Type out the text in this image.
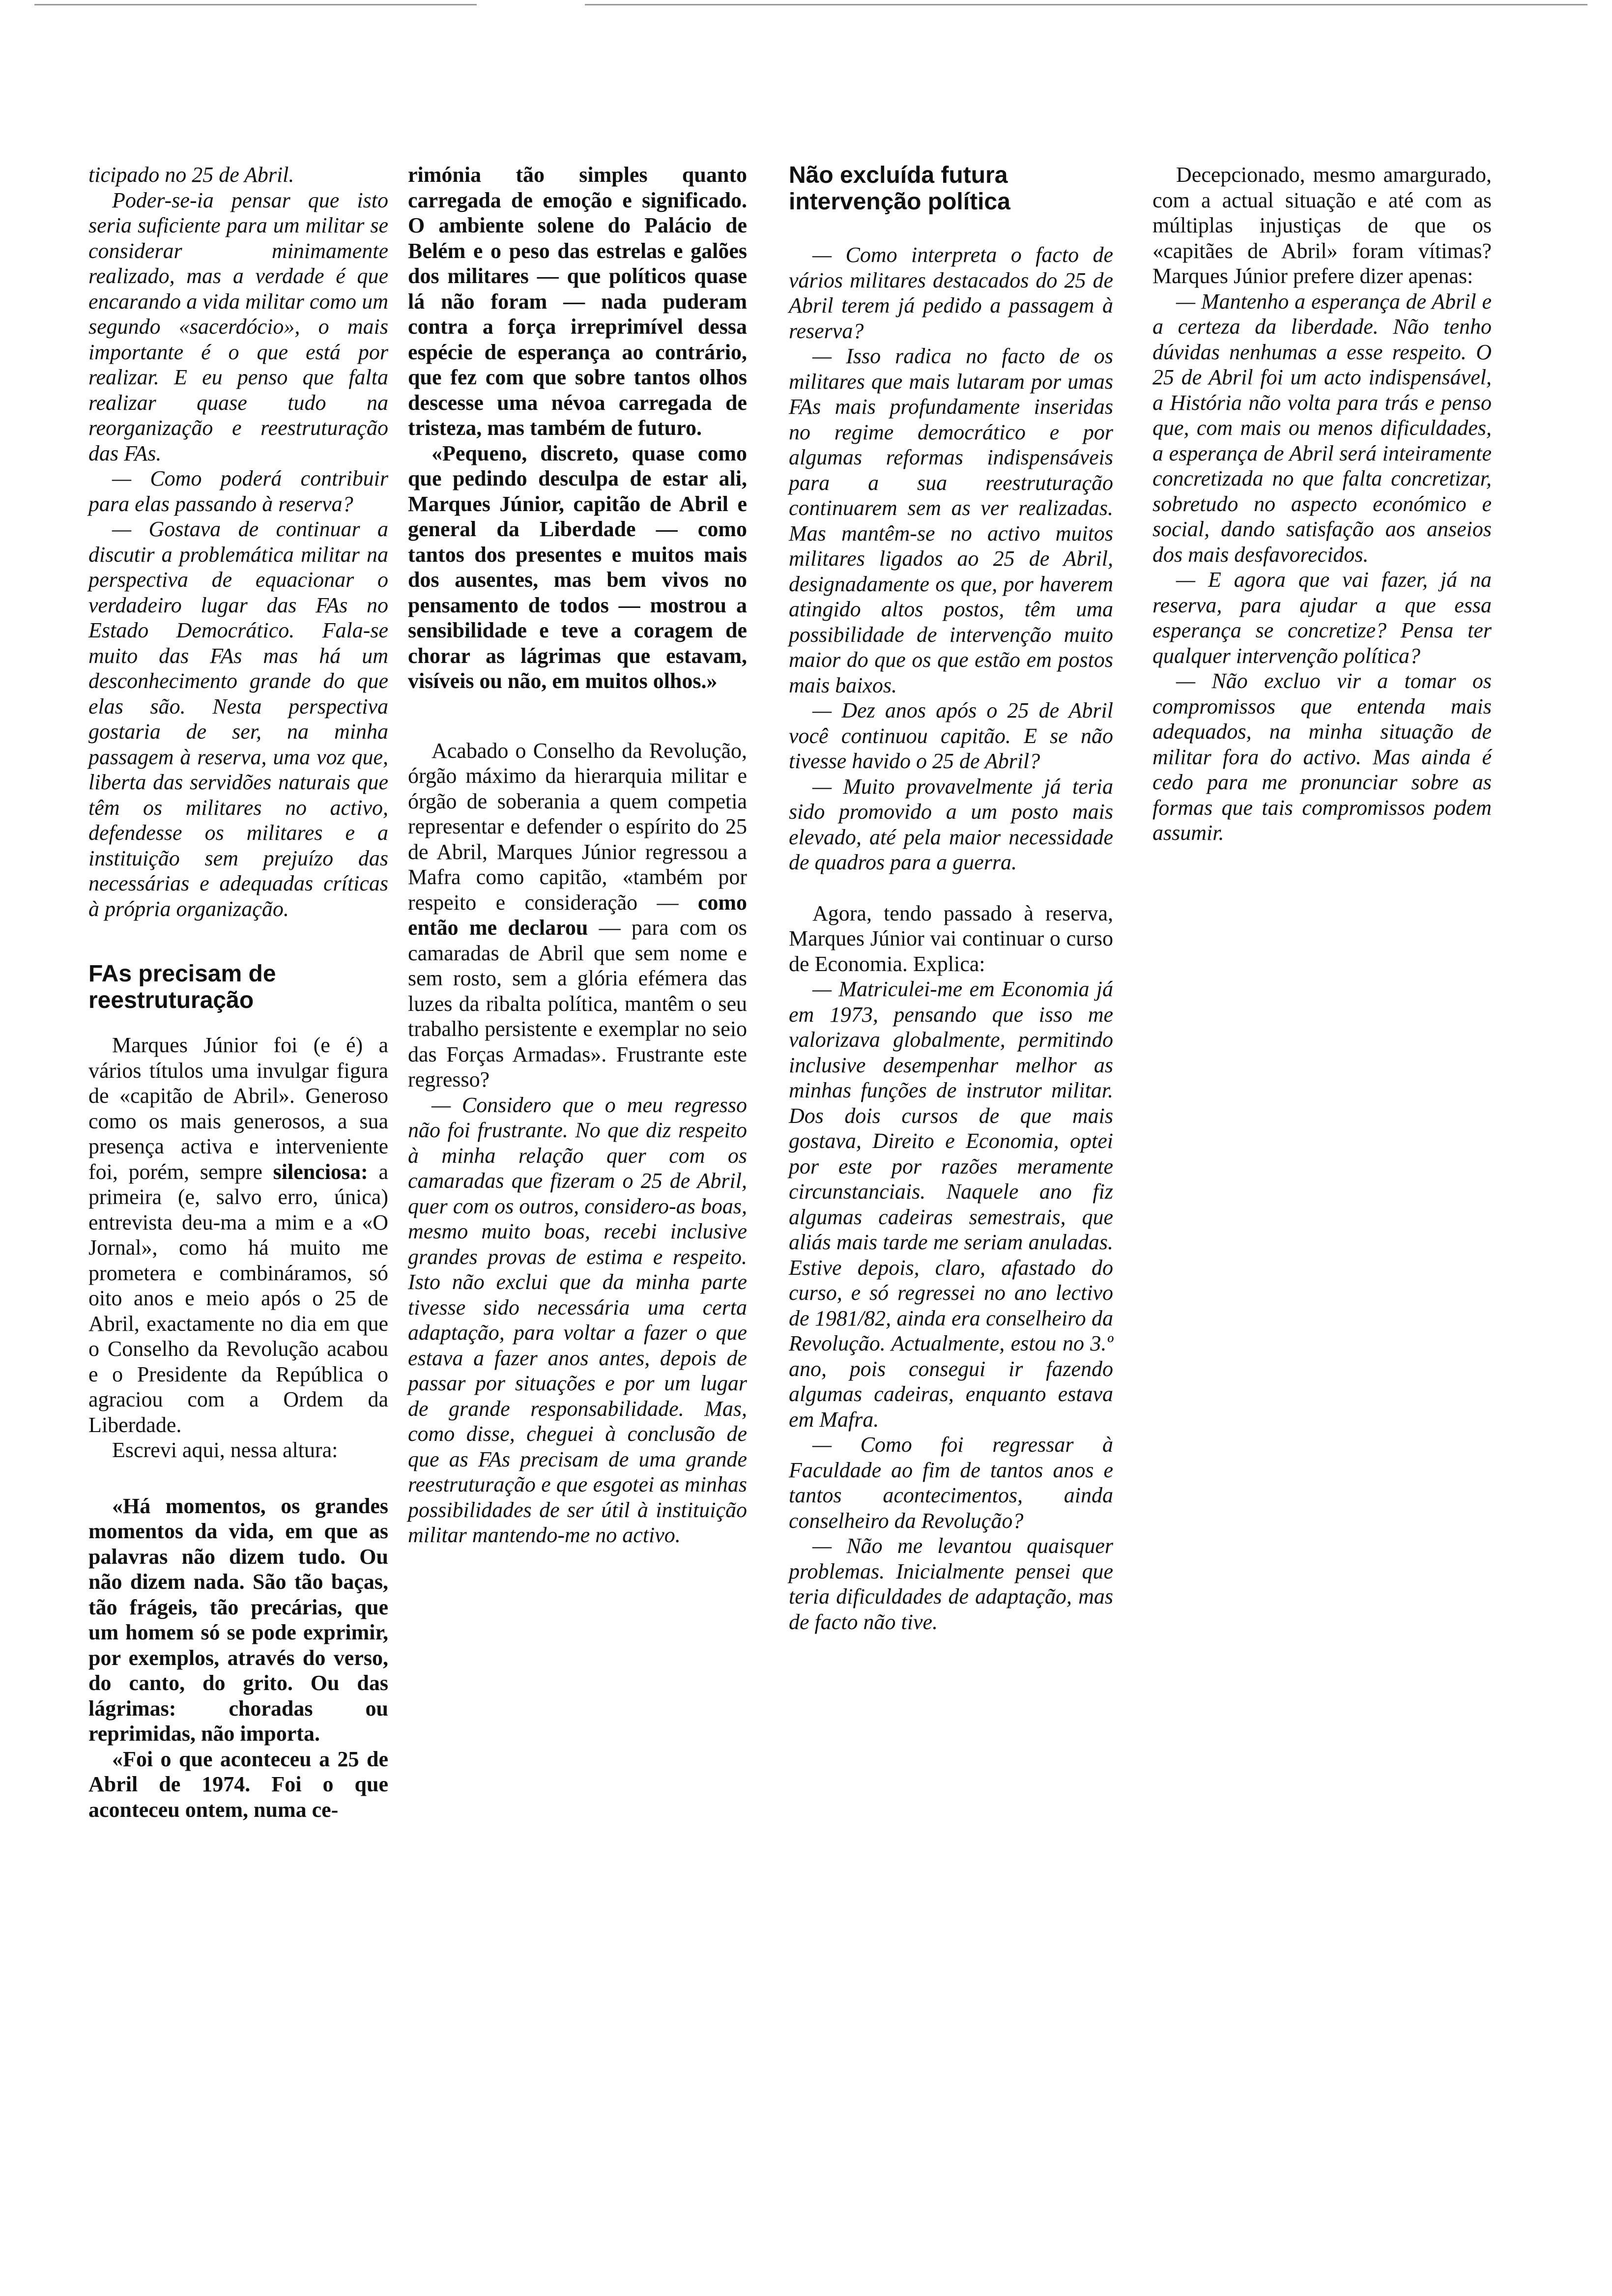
ticipado no 25 de Abril.

Poder-se-ia pensar que isto seria suficiente para um militar se considerar minimamente realizado, mas a verdade é que encarando a vida militar como um segundo «sacerdócio», o mais importante é o que está por realizar. E eu penso que falta realizar quase tudo na reorganização e reestruturação das FAs.

— Como poderá contribuir para elas passando à reserva?

— Gostava de continuar a discutir a problemática militar na perspectiva de equacionar o verdadeiro lugar das FAs no Estado Democrático. Fala-se muito das FAs mas há um desconhecimento grande do que elas são. Nesta perspectiva gostaria de ser, na minha passagem à reserva, uma voz que, liberta das servidões naturais que têm os militares no activo, defendesse os militares e a instituição sem prejuízo das necessárias e adequadas críticas à própria organização.

FAs precisam de reestruturação

Marques Júnior foi (e é) a vários títulos uma invulgar figura de «capitão de Abril». Generoso como os mais generosos, a sua presença activa e interveniente foi, porém, sempre silenciosa: a primeira (e, salvo erro, única) entrevista deu-ma a mim e a «O Jornal», como há muito me prometera e combináramos, só oito anos e meio após o 25 de Abril, exactamente no dia em que o Conselho da Revolução acabou e o Presidente da República o agraciou com a Ordem da Liberdade.

Escrevi aqui, nessa altura:

«Há momentos, os grandes momentos da vida, em que as palavras não dizem tudo. Ou não dizem nada. São tão baças, tão frágeis, tão precárias, que um homem só se pode exprimir, por exemplos, através do verso, do canto, do grito. Ou das lágrimas: choradas ou reprimidas, não importa.

«Foi o que aconteceu a 25 de Abril de 1974. Foi o que aconteceu ontem, numa ce-

rimónia tão simples quanto carregada de emoção e significado. O ambiente solene do Palácio de Belém e o peso das estrelas e galões dos militares — que políticos quase lá não foram — nada puderam contra a força irreprimível dessa espécie de esperança ao contrário, que fez com que sobre tantos olhos descesse uma névoa carregada de tristeza, mas também de futuro.

«Pequeno, discreto, quase como que pedindo desculpa de estar ali, Marques Júnior, capitão de Abril e general da Liberdade — como tantos dos presentes e muitos mais dos ausentes, mas bem vivos no pensamento de todos — mostrou a sensibilidade e teve a coragem de chorar as lágrimas que estavam, visíveis ou não, em muitos olhos.»

Acabado o Conselho da Revolução, órgão máximo da hierarquia militar e órgão de soberania a quem competia representar e defender o espírito do 25 de Abril, Marques Júnior regressou a Mafra como capitão, «também por respeito e consideração — como então me declarou — para com os camaradas de Abril que sem nome e sem rosto, sem a glória efémera das luzes da ribalta política, mantêm o seu trabalho persistente e exemplar no seio das Forças Armadas». Frustrante este regresso?

— Considero que o meu regresso não foi frustrante. No que diz respeito à minha relação quer com os camaradas que fizeram o 25 de Abril, quer com os outros, considero-as boas, mesmo muito boas, recebi inclusive grandes provas de estima e respeito. Isto não exclui que da minha parte tivesse sido necessária uma certa adaptação, para voltar a fazer o que estava a fazer anos antes, depois de passar por situações e por um lugar de grande responsabilidade. Mas, como disse, cheguei à conclusão de que as FAs precisam de uma grande reestruturação e que esgotei as minhas possibilidades de ser útil à instituição militar mantendo-me no activo.

Não excluída futura intervenção política

— Como interpreta o facto de vários militares destacados do 25 de Abril terem já pedido a passagem à reserva?

— Isso radica no facto de os militares que mais lutaram por umas FAs mais profundamente inseridas no regime democrático e por algumas reformas indispensáveis para a sua reestruturação continuarem sem as ver realizadas. Mas mantêm-se no activo muitos militares ligados ao 25 de Abril, designadamente os que, por haverem atingido altos postos, têm uma possibilidade de intervenção muito maior do que os que estão em postos mais baixos.

— Dez anos após o 25 de Abril você continuou capitão. E se não tivesse havido o 25 de Abril?

— Muito provavelmente já teria sido promovido a um posto mais elevado, até pela maior necessidade de quadros para a guerra.

Agora, tendo passado à reserva, Marques Júnior vai continuar o curso de Economia. Explica:

— Matriculei-me em Economia já em 1973, pensando que isso me valorizava globalmente, permitindo inclusive desempenhar melhor as minhas funções de instrutor militar. Dos dois cursos de que mais gostava, Direito e Economia, optei por este por razões meramente circunstanciais. Naquele ano fiz algumas cadeiras semestrais, que aliás mais tarde me seriam anuladas. Estive depois, claro, afastado do curso, e só regressei no ano lectivo de 1981/82, ainda era conselheiro da Revolução. Actualmente, estou no 3.º ano, pois consegui ir fazendo algumas cadeiras, enquanto estava em Mafra.

— Como foi regressar à Faculdade ao fim de tantos anos e tantos acontecimentos, ainda conselheiro da Revolução?

— Não me levantou quaisquer problemas. Inicialmente pensei que teria dificuldades de adaptação, mas de facto não tive.

Decepcionado, mesmo amargurado, com a actual situação e até com as múltiplas injustiças de que os «capitães de Abril» foram vítimas? Marques Júnior prefere dizer apenas:

— Mantenho a esperança de Abril e a certeza da liberdade. Não tenho dúvidas nenhumas a esse respeito. O 25 de Abril foi um acto indispensável, a História não volta para trás e penso que, com mais ou menos dificuldades, a esperança de Abril será inteiramente concretizada no que falta concretizar, sobretudo no aspecto económico e social, dando satisfação aos anseios dos mais desfavorecidos.

— E agora que vai fazer, já na reserva, para ajudar a que essa esperança se concretize? Pensa ter qualquer intervenção política?

— Não excluo vir a tomar os compromissos que entenda mais adequados, na minha situação de militar fora do activo. Mas ainda é cedo para me pronunciar sobre as formas que tais compromissos podem assumir.
